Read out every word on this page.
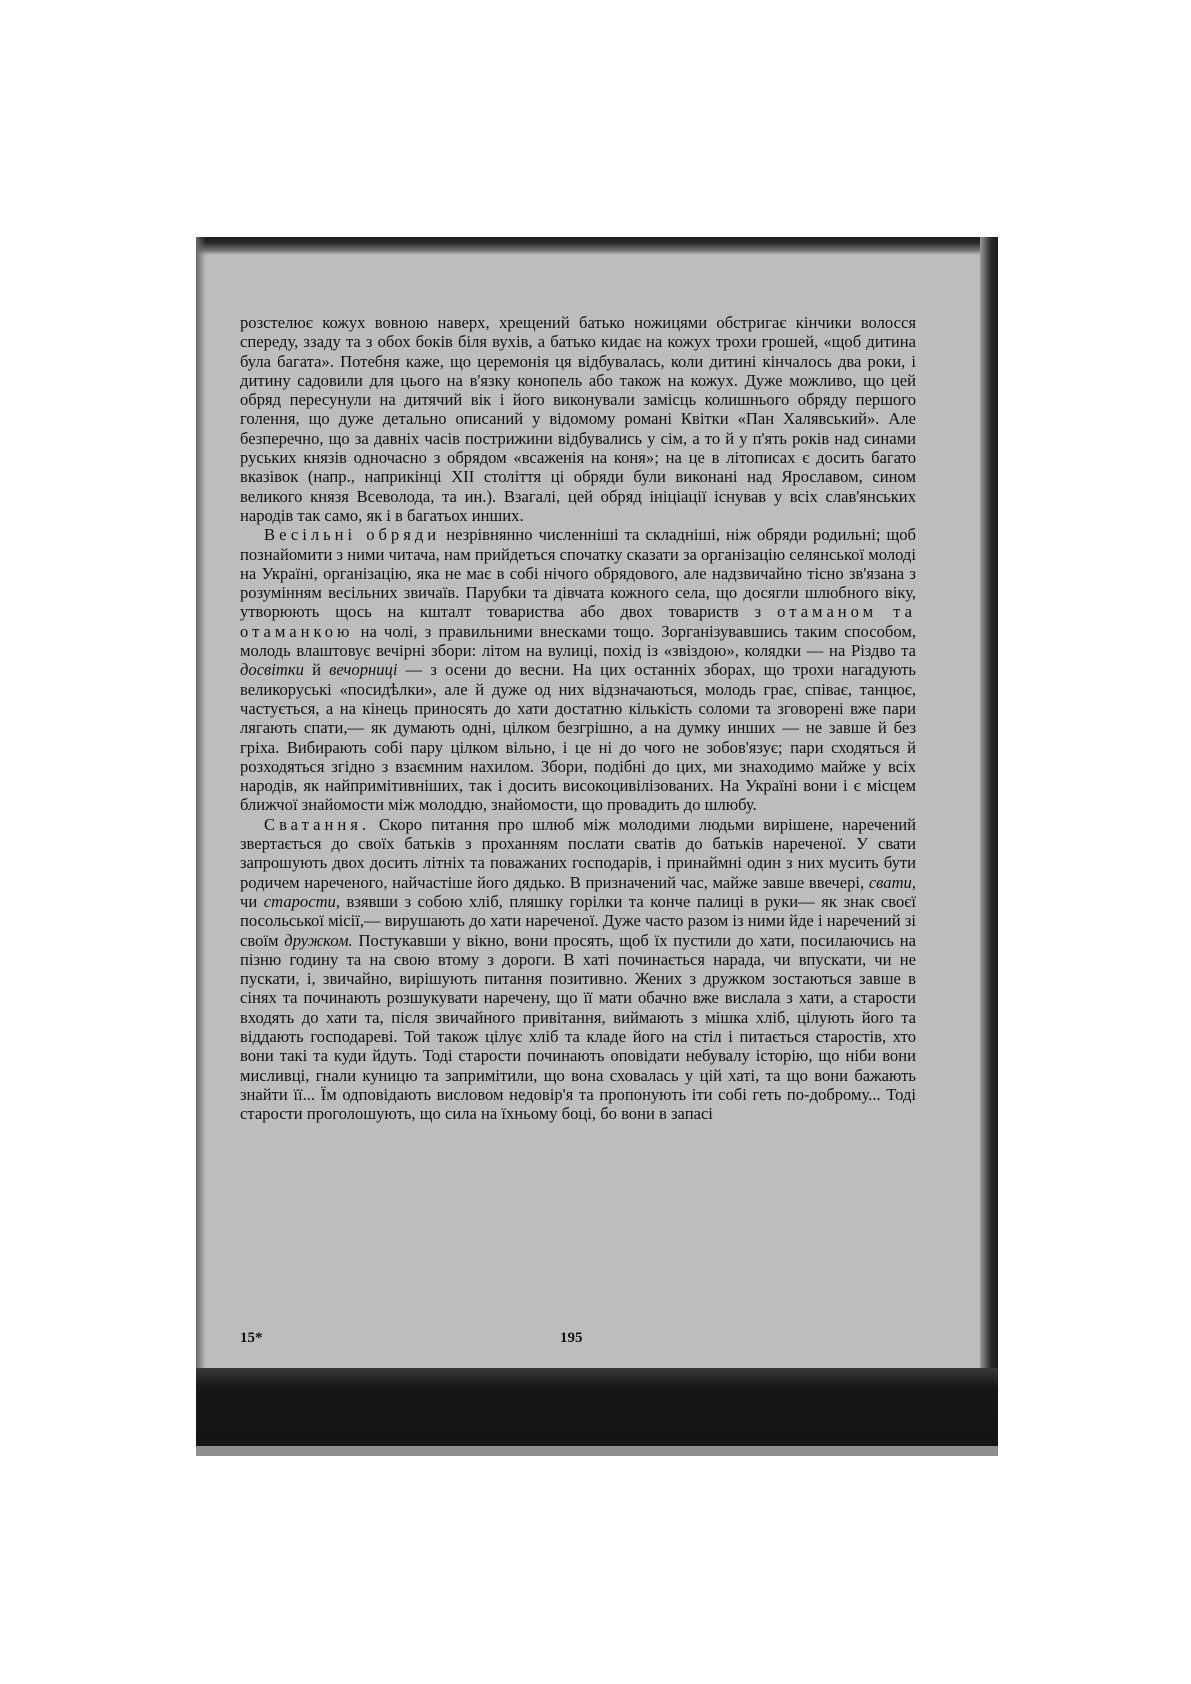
розстелює кожух вовною наверх, хрещений батько ножицями обстригає кінчики волосся спереду, ззаду та з обох боків біля вухів, а батько кидає на кожух трохи грошей, «щоб дитина була багата». Потебня каже, що церемонія ця відбувалась, коли дитині кінчалось два роки, і дитину садовили для цього на в'язку конопель або також на кожух. Дуже можливо, що цей обряд пересунули на дитячий вік і його виконували замісць колишнього обряду першого голення, що дуже детально описаний у відомому романі Квітки «Пан Халявський». Але безперечно, що за давніх часів пострижини відбувались у сім, а то й у п'ять років над синами руських князів одночасно з обрядом «всаженія на коня»; на це в літописах є досить багато вказівок (напр., наприкінці XII століття ці обряди були виконані над Ярославом, сином великого князя Всеволода, та ин.). Взагалі, цей обряд ініціації існував у всіх слав'янських народів так само, як і в багатьох инших.

Весільні обряди незрівнянно численніші та складніші, ніж обряди родильні; щоб познайомити з ними читача, нам прийдеться спочатку сказати за організацію селянської молоді на Україні, організацію, яка не має в собі нічого обрядового, але надзвичайно тісно зв'язана з розумінням весільних звичаїв. Парубки та дівчата кожного села, що досягли шлюбного віку, утворюють щось на кшталт товариства або двох товариств з отаманом та отаманкою на чолі, з правильними внесками тощо. Зорганізувавшись таким способом, молодь влаштовує вечірні збори: літом на вулиці, похід із «звіздою», колядки — на Різдво та досвітки й вечорниці — з осени до весни. На цих останніх зборах, що трохи нагадують великоруські «посидѣлки», але й дуже од них відзначаються, молодь грає, співає, танцює, частується, а на кінець приносять до хати достатню кількість соломи та зговорені вже пари лягають спати,— як думають одні, цілком безгрішно, а на думку инших — не завше й без гріха. Вибирають собі пару цілком вільно, і це ні до чого не зобов'язує; пари сходяться й розходяться згідно з взаємним нахилом. Збори, подібні до цих, ми знаходимо майже у всіх народів, як найпримітивніших, так і досить високоцивілізованих. На Україні вони і є місцем ближчої знайомости між молоддю, знайомости, що провадить до шлюбу.

Сватання. Скоро питання про шлюб між молодими людьми вирішене, наречений звертається до своїх батьків з проханням послати сватів до батьків нареченої. У свати запрошують двох досить літніх та поважаних господарів, і принаймні один з них мусить бути родичем нареченого, найчастіше його дядько. В призначений час, майже завше ввечері, свати, чи старости, взявши з собою хліб, пляшку горілки та конче палиці в руки— як знак своєї посольської місії,— вирушають до хати нареченої. Дуже часто разом із ними йде і наречений зі своїм дружком. Постукавши у вікно, вони просять, щоб їх пустили до хати, посилаючись на пізню годину та на свою втому з дороги. В хаті починається нарада, чи впускати, чи не пускати, і, звичайно, вирішують питання позитивно. Жених з дружком зостаються завше в сінях та починають розшукувати наречену, що її мати обачно вже вислала з хати, а старости входять до хати та, після звичайного привітання, виймають з мішка хліб, цілують його та віддають господареві. Той також цілує хліб та кладе його на стіл і питається старостів, хто вони такі та куди йдуть. Тоді старости починають оповідати небувалу історію, що ніби вони мисливці, гнали куницю та запримітили, що вона сховалась у цій хаті, та що вони бажають знайти її... Їм одповідають висловом недовір'я та пропонують іти собі геть по-доброму... Тоді старости проголошують, що сила на їхньому боці, бо вони в запасі

15*	195
